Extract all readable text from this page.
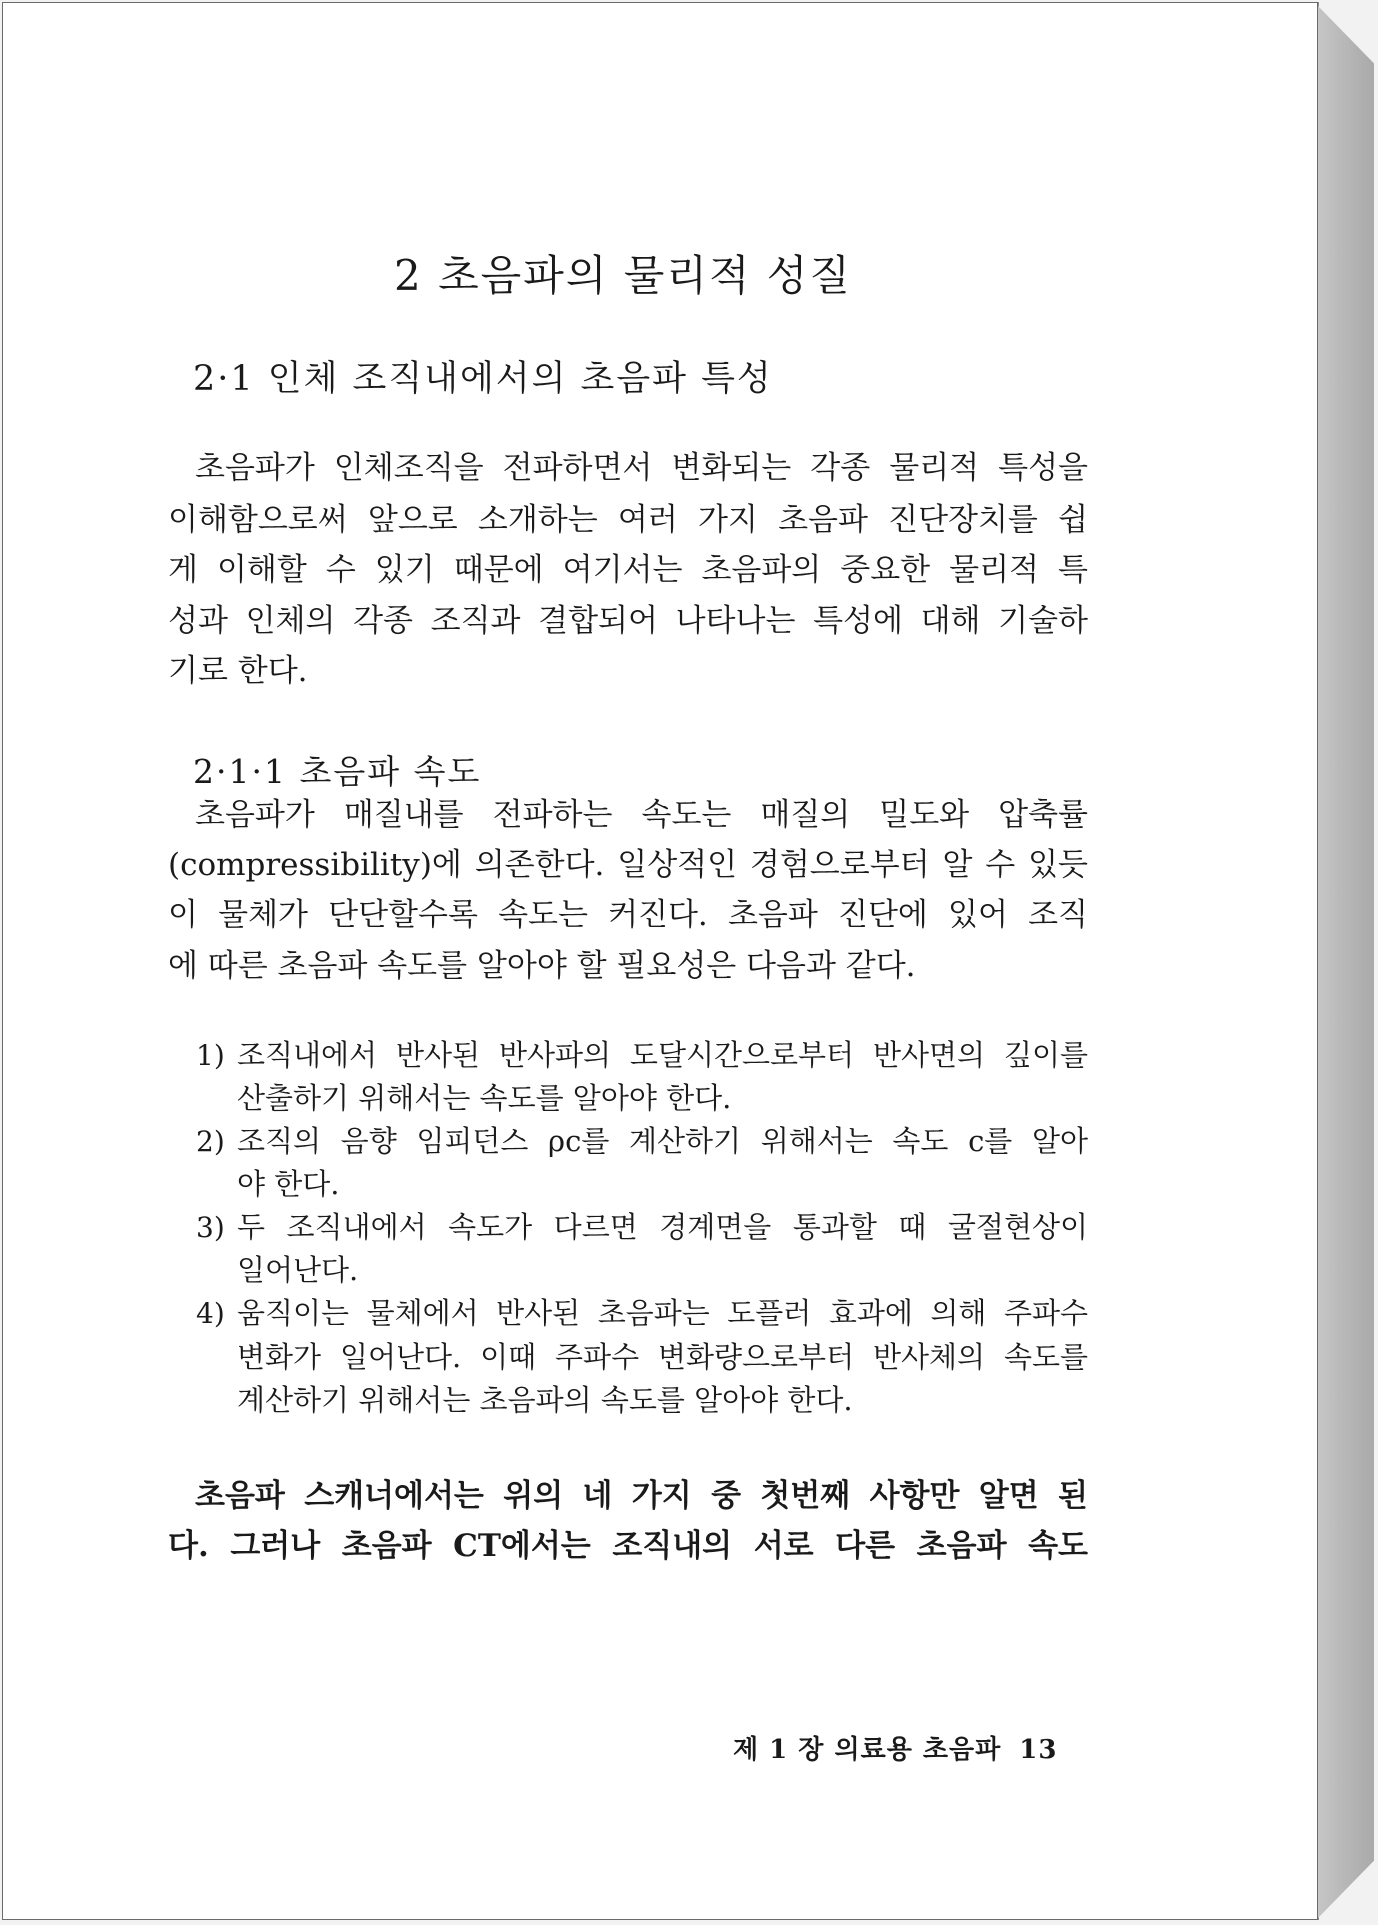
2 초음파의 물리적 성질
2·1 인체 조직내에서의 초음파 특성

초음파가 인체조직을 전파하면서 변화되는 각종 물리적 특성을

이해함으로써 앞으로 소개하는 여러 가지 초음파 진단장치를 쉽

게 이해할 수 있기 때문에 여기서는 초음파의 중요한 물리적 특

성과 인체의 각종 조직과 결합되어 나타나는 특성에 대해 기술하

기로 한다.

2·1·1 초음파 속도

초음파가 매질내를 전파하는 속도는 매질의 밀도와 압축률

(compressibility)에 의존한다. 일상적인 경험으로부터 알 수 있듯

이 물체가 단단할수록 속도는 커진다. 초음파 진단에 있어 조직

에 따른 초음파 속도를 알아야 할 필요성은 다음과 같다.

1) 조직내에서 반사된 반사파의 도달시간으로부터 반사면의 깊이를

산출하기 위해서는 속도를 알아야 한다.

2) 조직의 음향 임피던스 ρc를 계산하기 위해서는 속도 c를 알아

야 한다.

3) 두 조직내에서 속도가 다르면 경계면을 통과할 때 굴절현상이

일어난다.

4) 움직이는 물체에서 반사된 초음파는 도플러 효과에 의해 주파수

변화가 일어난다. 이때 주파수 변화량으로부터 반사체의 속도를

계산하기 위해서는 초음파의 속도를 알아야 한다.

초음파 스캐너에서는 위의 네 가지 중 첫번째 사항만 알면 된

다. 그러나 초음파 CT에서는 조직내의 서로 다른 초음파 속도

제 1 장 의료용 초음파 13
